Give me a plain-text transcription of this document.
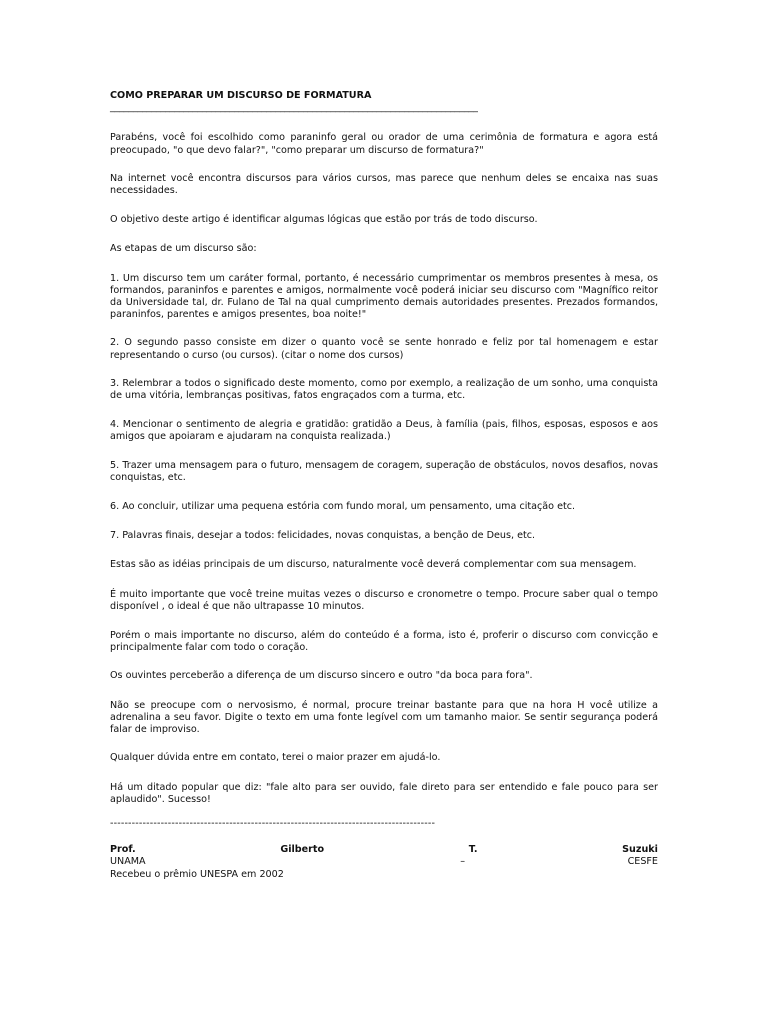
COMO PREPARAR UM DISCURSO DE FORMATURA

________________________________________________________________________________

Parabéns, você foi escolhido como paraninfo geral ou orador de uma cerimônia de formatura e agora está preocupado, "o que devo falar?", "como preparar um discurso de formatura?"

Na internet você encontra discursos para vários cursos, mas parece que nenhum deles se encaixa nas suas necessidades.

O objetivo deste artigo é identificar algumas lógicas que estão por trás de todo discurso.

As etapas de um discurso são:

1. Um discurso tem um caráter formal, portanto, é necessário cumprimentar os membros presentes à mesa, os formandos, paraninfos e parentes e amigos, normalmente você poderá iniciar seu discurso com "Magnífico reitor da Universidade tal, dr. Fulano de Tal na qual cumprimento demais autoridades presentes. Prezados formandos, paraninfos, parentes e amigos presentes, boa noite!"

2. O segundo passo consiste em dizer o quanto você se sente honrado e feliz por tal homenagem e estar representando o curso (ou cursos). (citar o nome dos cursos)

3. Relembrar a todos o significado deste momento, como por exemplo, a realização de um sonho, uma conquista de uma vitória, lembranças positivas, fatos engraçados com a turma, etc.

4. Mencionar o sentimento de alegria e gratidão: gratidão a Deus, à família (pais, filhos, esposas, esposos e aos amigos que apoiaram e ajudaram na conquista realizada.)

5. Trazer uma mensagem para o futuro, mensagem de coragem, superação de obstáculos, novos desafios, novas conquistas, etc.

6. Ao concluir, utilizar uma pequena estória com fundo moral, um pensamento, uma citação etc.

7. Palavras finais, desejar a todos: felicidades, novas conquistas, a benção de Deus, etc.

Estas são as idéias principais de um discurso, naturalmente você deverá complementar com sua mensagem.

É muito importante que você treine muitas vezes o discurso e cronometre o tempo. Procure saber qual o tempo disponível , o ideal é que não ultrapasse 10 minutos.

Porém o mais importante no discurso, além do conteúdo é a forma, isto é, proferir o discurso com convicção e principalmente falar com todo o coração.

Os ouvintes perceberão a diferença de um discurso sincero e outro "da boca para fora".

Não se preocupe com o nervosismo, é normal, procure treinar bastante para que na hora H você utilize a adrenalina a seu favor. Digite o texto em uma fonte legível com um tamanho maior. Se sentir segurança poderá falar de improviso.

Qualquer dúvida entre em contato, terei o maior prazer em ajudá-lo.

Há um ditado popular que diz: "fale alto para ser ouvido, fale direto para ser entendido e fale pouco para ser aplaudido". Sucesso!

------------------------------------------------------------------------------------------

Prof.	Gilberto	T.	Suzuki
UNAMA	–	CESFE
Recebeu o prêmio UNESPA em 2002
